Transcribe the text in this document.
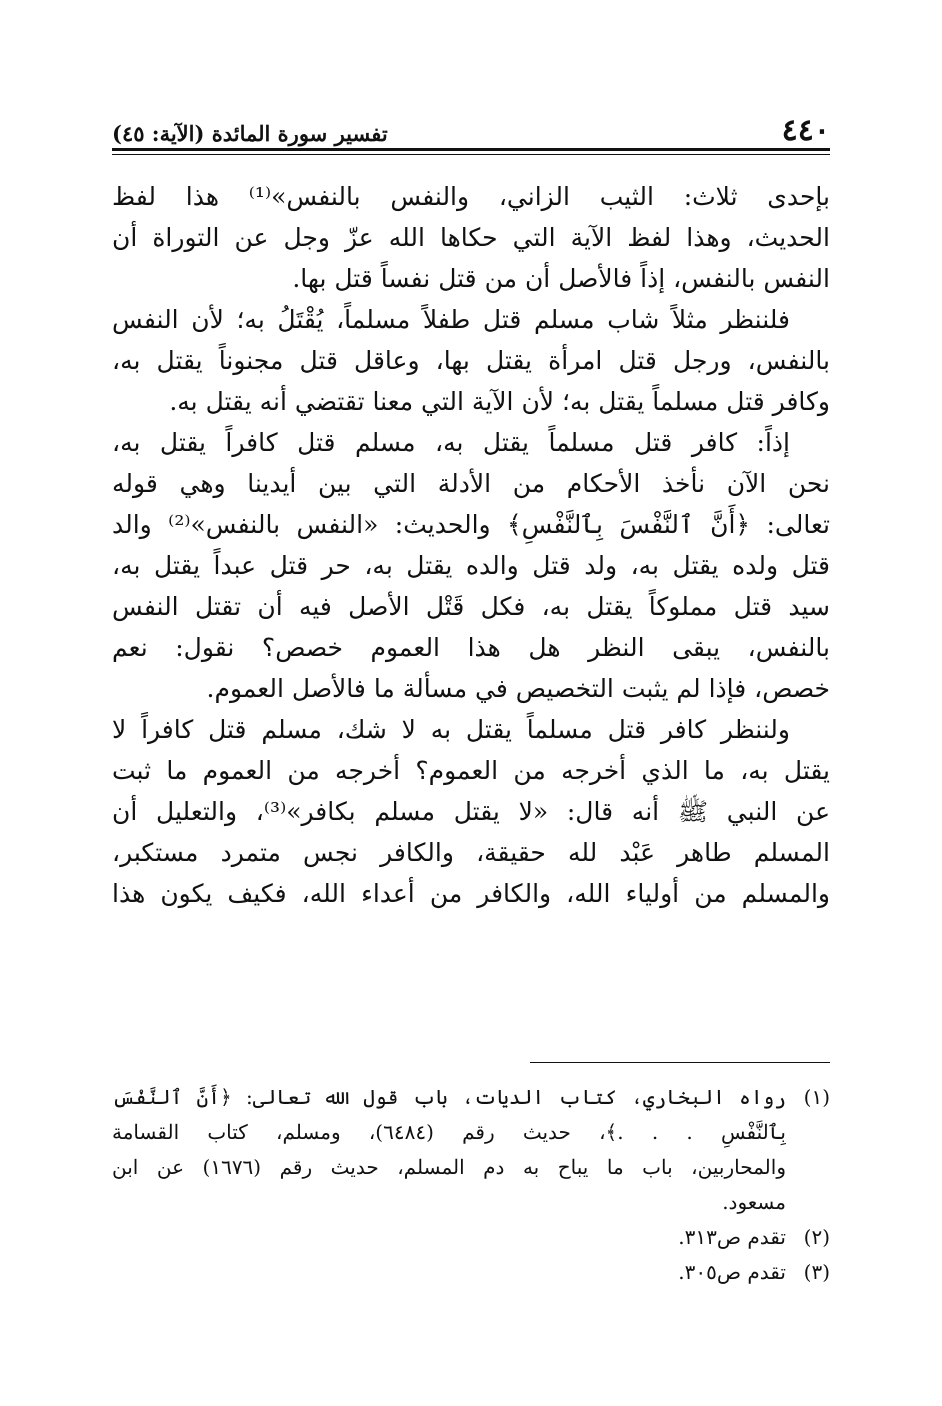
٤٤٠
تفسير سورة المائدة (الآية: ٤٥)
بإحدى ثلاث: الثيب الزاني، والنفس بالنفس»⁽¹⁾ هذا لفظ
الحديث، وهذا لفظ الآية التي حكاها الله عزّ وجل عن التوراة أن
النفس بالنفس، إذاً فالأصل أن من قتل نفساً قتل بها.
فلننظر مثلاً شاب مسلم قتل طفلاً مسلماً، يُقْتَلُ به؛ لأن النفس
بالنفس، ورجل قتل امرأة يقتل بها، وعاقل قتل مجنوناً يقتل به،
وكافر قتل مسلماً يقتل به؛ لأن الآية التي معنا تقتضي أنه يقتل به.
إذاً: كافر قتل مسلماً يقتل به، مسلم قتل كافراً يقتل به،
نحن الآن نأخذ الأحكام من الأدلة التي بين أيدينا وهي قوله
تعالى: ﴿أَنَّ ٱلنَّفْسَ بِٱلنَّفْسِ﴾ والحديث: «النفس بالنفس»⁽²⁾ والد
قتل ولده يقتل به، ولد قتل والده يقتل به، حر قتل عبداً يقتل به،
سيد قتل مملوكاً يقتل به، فكل قَتْل الأصل فيه أن تقتل النفس
بالنفس، يبقى النظر هل هذا العموم خصص؟ نقول: نعم
خصص، فإذا لم يثبت التخصيص في مسألة ما فالأصل العموم.
ولننظر كافر قتل مسلماً يقتل به لا شك، مسلم قتل كافراً لا
يقتل به، ما الذي أخرجه من العموم؟ أخرجه من العموم ما ثبت
عن النبي ﷺ أنه قال: «لا يقتل مسلم بكافر»⁽³⁾، والتعليل أن
المسلم طاهر عَبْد لله حقيقة، والكافر نجس متمرد مستكبر،
والمسلم من أولياء الله، والكافر من أعداء الله، فكيف يكون هذا
(١)
رواه البخاري، كتاب الديات، باب قول الله تعالى: ﴿أَنَّ ٱلنَّفْسَ
بِٱلنَّفْسِ . . .﴾، حديث رقم (٦٤٨٤)، ومسلم، كتاب القسامة
والمحاربين، باب ما يباح به دم المسلم، حديث رقم (١٦٧٦) عن ابن
مسعود.
(٢)
تقدم ص٣١٣.
(٣)
تقدم ص٣٠٥.
